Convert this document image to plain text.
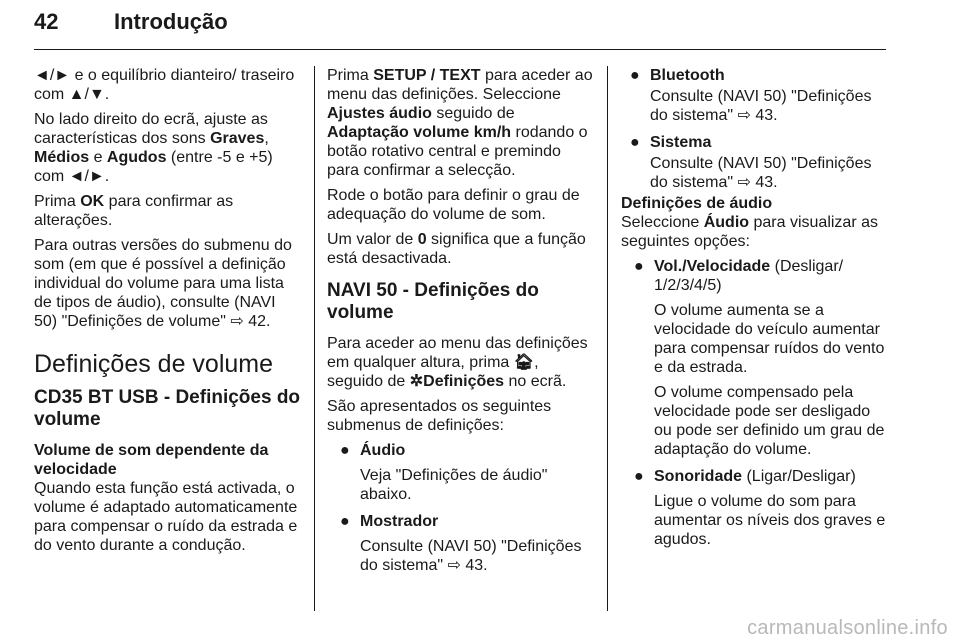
42	Introdução

◄/► e o equilíbrio dianteiro/ traseiro com ▲/▼.

No lado direito do ecrã, ajuste as características dos sons Graves, Médios e Agudos (entre -5 e +5) com ◄/►.

Prima OK para confirmar as alterações.

Para outras versões do submenu do som (em que é possível a definição individual do volume para uma lista de tipos de áudio), consulte (NAVI 50) "Definições de volume" ⇨ 42.

Definições de volume
CD35 BT USB - Definições do volume
Volume de som dependente da velocidade

Quando esta função está activada, o volume é adaptado automaticamente para compensar o ruído da estrada e do vento durante a condução.

Prima SETUP / TEXT para aceder ao menu das definições. Seleccione Ajustes áudio seguido de Adaptação volume km/h rodando o botão rotativo central e premindo para confirmar a selecção.

Rode o botão para definir o grau de adequação do volume de som.

Um valor de 0 significa que a função está desactivada.

NAVI 50 - Definições do volume

Para aceder ao menu das definições em qualquer altura, prima 🏠︎, seguido de ✲Definições no ecrã.

São apresentados os seguintes submenus de definições:

● Áudio
Veja "Definições de áudio" abaixo.
● Mostrador
Consulte (NAVI 50) "Definições do sistema" ⇨ 43.
● Bluetooth
Consulte (NAVI 50) "Definições do sistema" ⇨ 43.
● Sistema
Consulte (NAVI 50) "Definições do sistema" ⇨ 43.
Definições de áudio

Seleccione Áudio para visualizar as seguintes opções:

● Vol./Velocidade (Desligar/ 1/2/3/4/5)
O volume aumenta se a velocidade do veículo aumentar para compensar ruídos do vento e da estrada.
O volume compensado pela velocidade pode ser desligado ou pode ser definido um grau de adaptação do volume.
● Sonoridade (Ligar/Desligar)
Ligue o volume do som para aumentar os níveis dos graves e agudos.
carmanualsonline.info
